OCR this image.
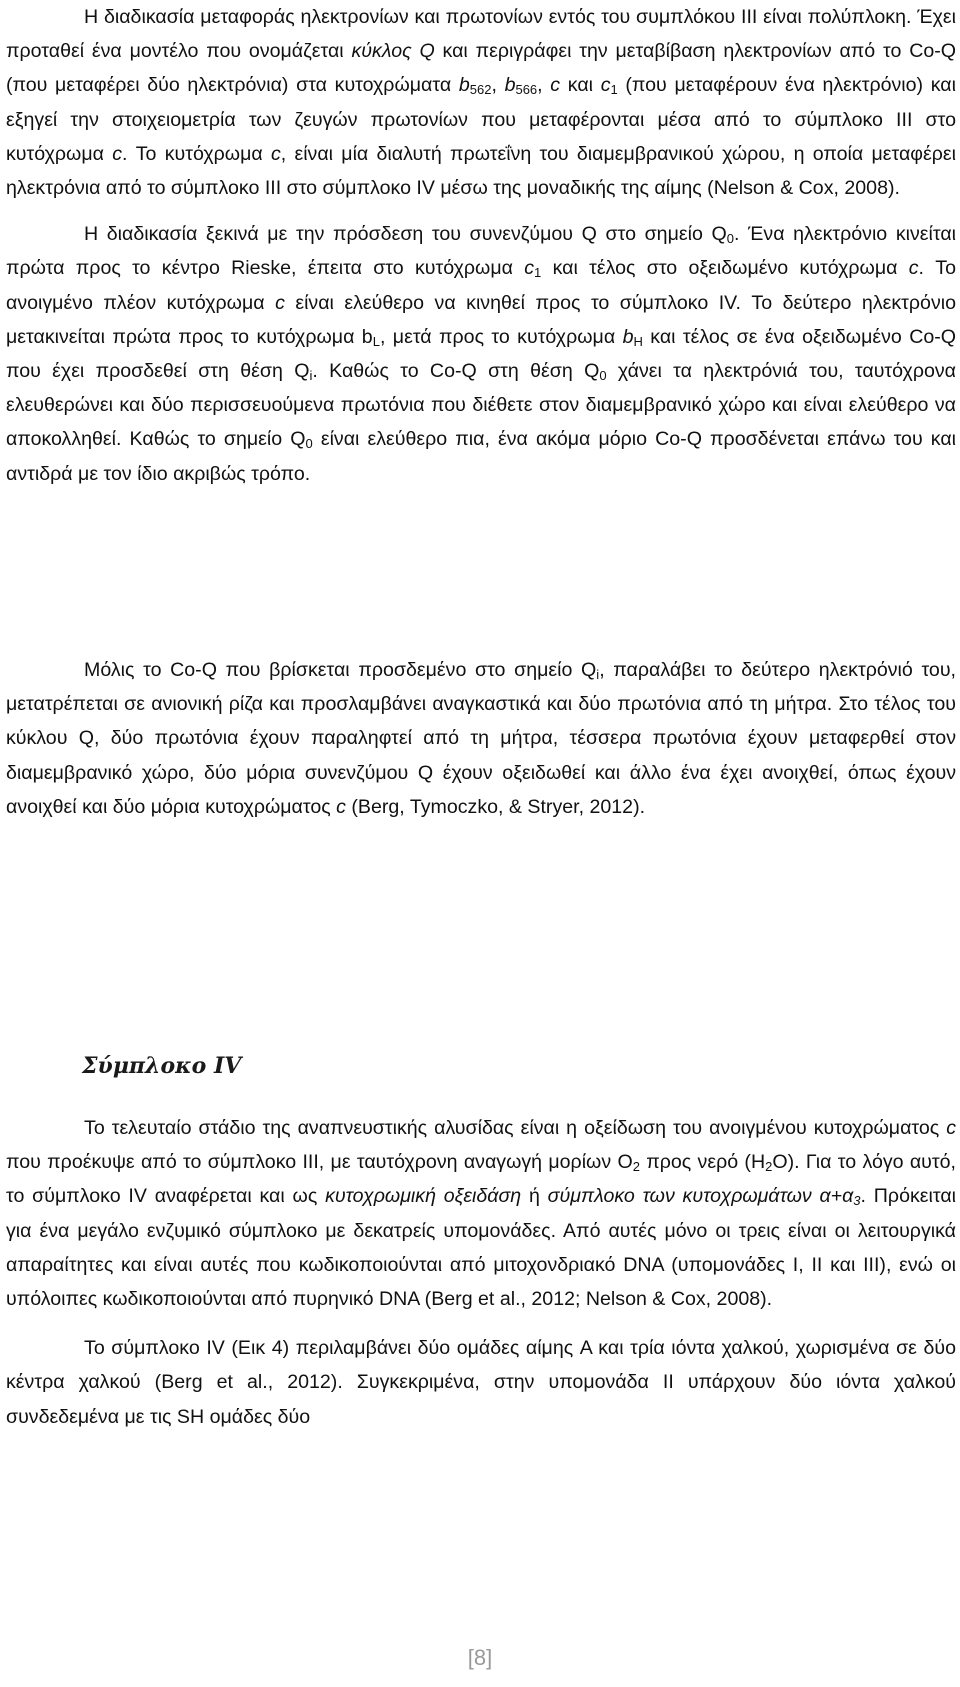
Η διαδικασία μεταφοράς ηλεκτρονίων και πρωτονίων εντός του συμπλόκου III είναι πολύπλοκη. Έχει προταθεί ένα μοντέλο που ονομάζεται κύκλος Q και περιγράφει την μεταβίβαση ηλεκτρονίων από το Co-Q (που μεταφέρει δύο ηλεκτρόνια) στα κυτοχρώματα $b_{562}$, $b_{566}$, c και $c_1$ (που μεταφέρουν ένα ηλεκτρόνιο) και εξηγεί την στοιχειομετρία των ζευγών πρωτονίων που μεταφέρονται μέσα από το σύμπλοκο III στο κυτόχρωμα c. Το κυτόχρωμα c, είναι μία διαλυτή πρωτεΐνη του διαμεμβρανικού χώρου, η οποία μεταφέρει ηλεκτρόνια από το σύμπλοκο III στο σύμπλοκο IV μέσω της μοναδικής της αίμης (Nelson & Cox, 2008).

Η διαδικασία ξεκινά με την πρόσδεση του συνενζύμου Q στο σημείο $Q_0$. Ένα ηλεκτρόνιο κινείται πρώτα προς το κέντρο Rieske, έπειτα στο κυτόχρωμα $c_1$ και τέλος στο οξειδωμένο κυτόχρωμα c. Το ανοιγμένο πλέον κυτόχρωμα c είναι ελεύθερο να κινηθεί προς το σύμπλοκο IV. Το δεύτερο ηλεκτρόνιο μετακινείται πρώτα προς το κυτόχρωμα $b_L$, μετά προς το κυτόχρωμα $b_H$ και τέλος σε ένα οξειδωμένο Co-Q που έχει προσδεθεί στη θέση $Q_i$. Καθώς το Co-Q στη θέση $Q_0$ χάνει τα ηλεκτρόνιά του, ταυτόχρονα ελευθερώνει και δύο περισσευούμενα πρωτόνια που διέθετε στον διαμεμβρανικό χώρο και είναι ελεύθερο να αποκολληθεί. Καθώς το σημείο $Q_0$ είναι ελεύθερο πια, ένα ακόμα μόριο Co-Q προσδένεται επάνω του και αντιδρά με τον ίδιο ακριβώς τρόπο.

Μόλις το Co-Q που βρίσκεται προσδεμένο στο σημείο $Q_i$, παραλάβει το δεύτερο ηλεκτρόνιό του, μετατρέπεται σε ανιονική ρίζα και προσλαμβάνει αναγκαστικά και δύο πρωτόνια από τη μήτρα. Στο τέλος του κύκλου Q, δύο πρωτόνια έχουν παραληφτεί από τη μήτρα, τέσσερα πρωτόνια έχουν μεταφερθεί στον διαμεμβρανικό χώρο, δύο μόρια συνενζύμου Q έχουν οξειδωθεί και άλλο ένα έχει ανοιχθεί, όπως έχουν ανοιχθεί και δύο μόρια κυτοχρώματος c (Berg, Tymoczko, & Stryer, 2012).

Σύμπλοκο IV

Το τελευταίο στάδιο της αναπνευστικής αλυσίδας είναι η οξείδωση του ανοιγμένου κυτοχρώματος c που προέκυψε από το σύμπλοκο III, με ταυτόχρονη αναγωγή μορίων $O_2$ προς νερό $(H_2O)$. Για το λόγο αυτό, το σύμπλοκο IV αναφέρεται και ως κυτοχρωμική οξειδάση ή σύμπλοκο των κυτοχρωμάτων $\alpha+\alpha_3$. Πρόκειται για ένα μεγάλο ενζυμικό σύμπλοκο με δεκατρείς υπομονάδες. Από αυτές μόνο οι τρεις είναι οι λειτουργικά απαραίτητες και είναι αυτές που κωδικοποιούνται από μιτοχονδριακό DNA (υπομονάδες I, II και III), ενώ οι υπόλοιπες κωδικοποιούνται από πυρηνικό DNA (Berg et al., 2012; Nelson & Cox, 2008).

Το σύμπλοκο IV (Εικ 4) περιλαμβάνει δύο ομάδες αίμης A και τρία ιόντα χαλκού, χωρισμένα σε δύο κέντρα χαλκού (Berg et al., 2012). Συγκεκριμένα, στην υπομονάδα II υπάρχουν δύο ιόντα χαλκού συνδεδεμένα με τις SH ομάδες δύο

[8]
